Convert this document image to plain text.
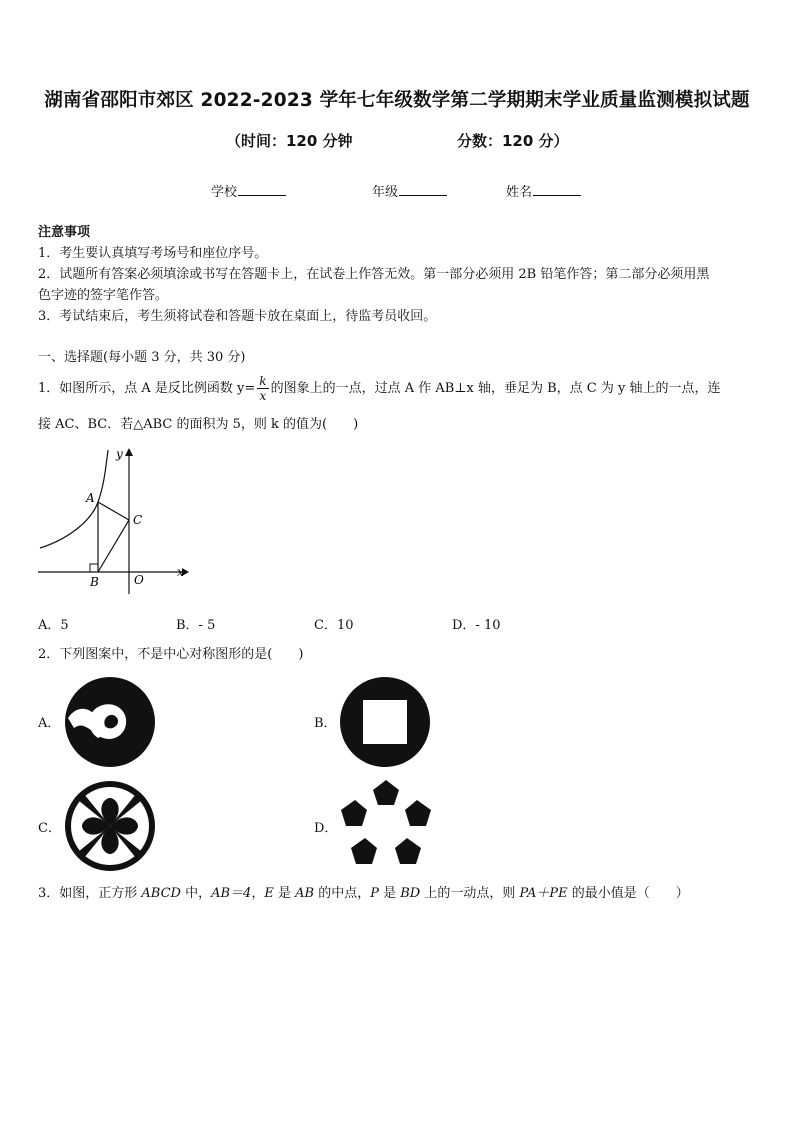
湖南省邵阳市郊区 2022-2023 学年七年级数学第二学期期末学业质量监测模拟试题
（时间：120 分钟	分数：120 分）
学校	年级	姓名
注意事项
1．考生要认真填写考场号和座位序号。
2．试题所有答案必须填涂或书写在答题卡上，在试卷上作答无效。第一部分必须用 2B 铅笔作答；第二部分必须用黑
色字迹的签字笔作答。
3．考试结束后，考生须将试卷和答题卡放在桌面上，待监考员收回。
一、选择题(每小题 3 分，共 30 分)
1．如图所示，点 A 是反比例函数 $y= \frac{k}{x}$ 的图象上的一点，过点 A 作 AB⊥x 轴，垂足为 B，点 C 为 y 轴上的一点，连
接 AC、BC．若△ABC 的面积为 5，则 k 的值为(　　)
y
x
A
B
C
O
A．5	B．- 5	C．10	D．- 10
2．下列图案中，不是中心对称图形的是(　　)
A．	B．
C．	D．
3．如图，正方形 ABCD 中，AB＝4，E 是 AB 的中点，P 是 BD 上的一动点，则 PA＋PE 的最小值是（　　）
